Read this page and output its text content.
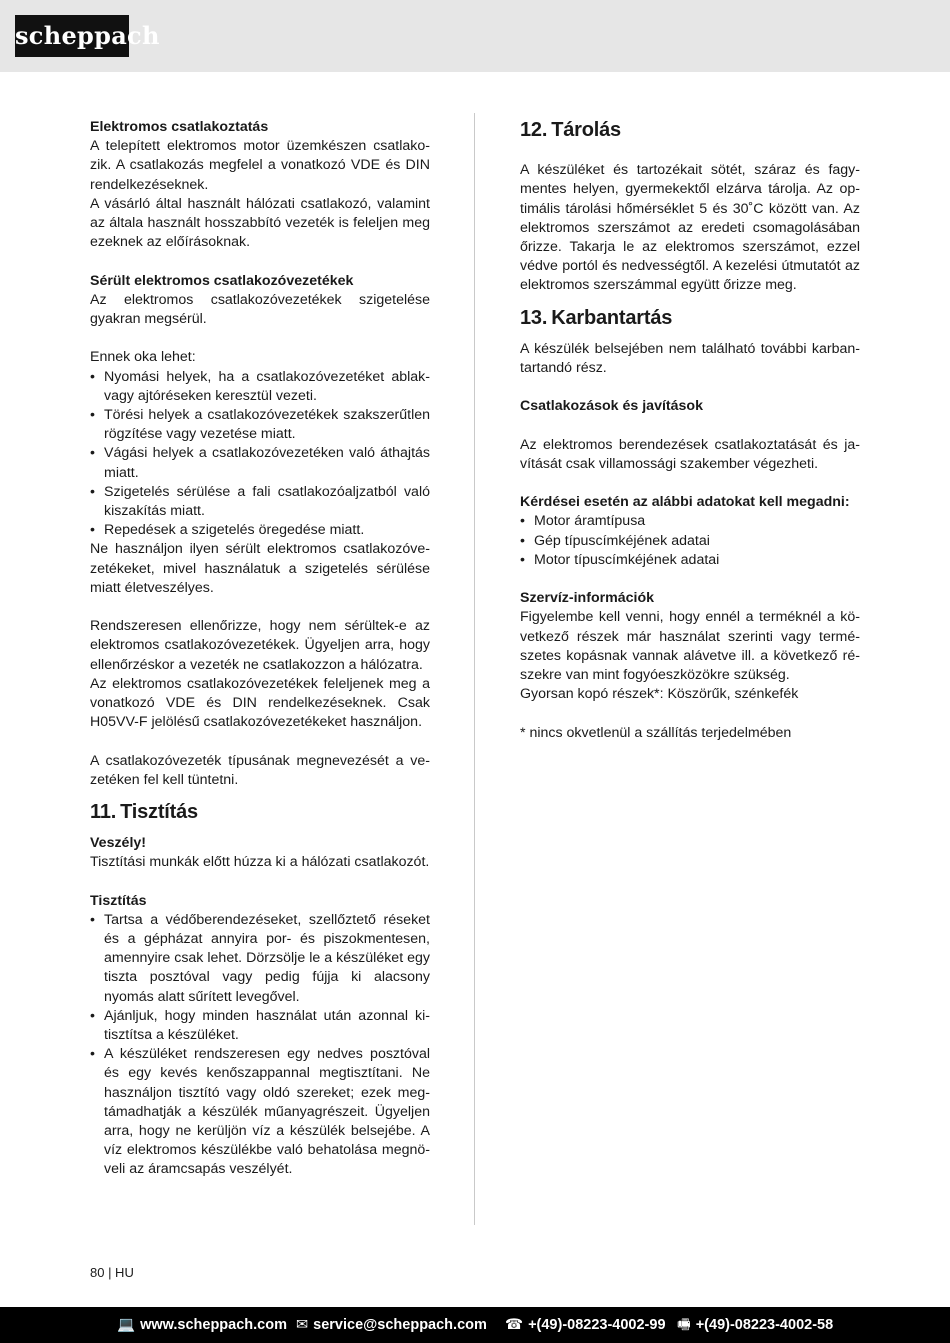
scheppach

Elektromos csatlakoztatás

A telepített elektromos motor üzemkészen csatlakozik. A csatlakozás megfelel a vonatkozó VDE és DIN rendelkezéseknek.

A vásárló által használt hálózati csatlakozó, valamint az általa használt hosszabbító vezeték is feleljen meg ezeknek az előírásoknak.

Sérült elektromos csatlakozóvezetékek

Az elektromos csatlakozóvezetékek szigetelése gyakran megsérül.

Ennek oka lehet:

• Nyomási helyek, ha a csatlakozóvezetéket ablakvagy ajtóréseken keresztül vezeti.
• Törési helyek a csatlakozóvezetékek szakszerűtlen rögzítése vagy vezetése miatt.
• Vágási helyek a csatlakozóvezetéken való áthajtás miatt.
• Szigetelés sérülése a fali csatlakozóaljzatból való kiszakítás miatt.
• Repedések a szigetelés öregedése miatt.

Ne használjon ilyen sérült elektromos csatlakozóvezetékeket, mivel használatuk a szigetelés sérülése miatt életveszélyes.

Rendszeresen ellenőrizze, hogy nem sérültek-e az elektromos csatlakozóvezetékek. Ügyeljen arra, hogy ellenőrzéskor a vezeték ne csatlakozzon a hálózatra.

Az elektromos csatlakozóvezetékek feleljenek meg a vonatkozó VDE és DIN rendelkezéseknek. Csak H05VV-F jelölésű csatlakozóvezetékeket használjon.

A csatlakozóvezeték típusának megnevezését a vezetéken fel kell tüntetni.

11. Tisztítás

Veszély!

Tisztítási munkák előtt húzza ki a hálózati csatlakozót.

Tisztítás

• Tartsa a védőberendezéseket, szellőztető réseket és a gépházat annyira por- és piszokmentesen, amennyire csak lehet. Dörzsölje le a készüléket egy tiszta posztóval vagy pedig fújja ki alacsony nyomás alatt sűrített levegővel.
• Ajánljuk, hogy minden használat után azonnal kitisztítsa a készüléket.
• A készüléket rendszeresen egy nedves posztóval és egy kevés kenőszappannal megtisztítani. Ne használjon tisztító vagy oldó szereket; ezek megtámadhatják a készülék műanyagrészeit. Ügyeljen arra, hogy ne kerüljön víz a készülék belsejébe. A víz elektromos készülékbe való behatolása megnöveli az áramcsapás veszélyét.
12. Tárolás

A készüléket és tartozékait sötét, száraz és fagymentes helyen, gyermekektől elzárva tárolja. Az optimális tárolási hőmérséklet 5 és 30˚C között van. Az elektromos szerszámot az eredeti csomagolásában őrizze. Takarja le az elektromos szerszámot, ezzel védve portól és nedvességtől. A kezelési útmutatót az elektromos szerszámmal együtt őrizze meg.

13. Karbantartás

A készülék belsejében nem található további karbantartandó rész.

Csatlakozások és javítások

Az elektromos berendezések csatlakoztatását és javítását csak villamossági szakember végezheti.

Kérdései esetén az alábbi adatokat kell megadni:

• Motor áramtípusa
• Gép típuscímkéjének adatai
• Motor típuscímkéjének adatai

Szervíz-információk

Figyelembe kell venni, hogy ennél a terméknél a következő részek már használat szerinti vagy természetes kopásnak vannak alávetve ill. a következő részekre van mint fogyóeszközökre szükség.

Gyorsan kopó részek*: Köszörűk, szénkefék

* nincs okvetlenül a szállítás terjedelmében

80 | HU
💻 www.scheppach.com ✉ service@scheppach.com ☎ +(49)-08223-4002-99 🖷 +(49)-08223-4002-58
